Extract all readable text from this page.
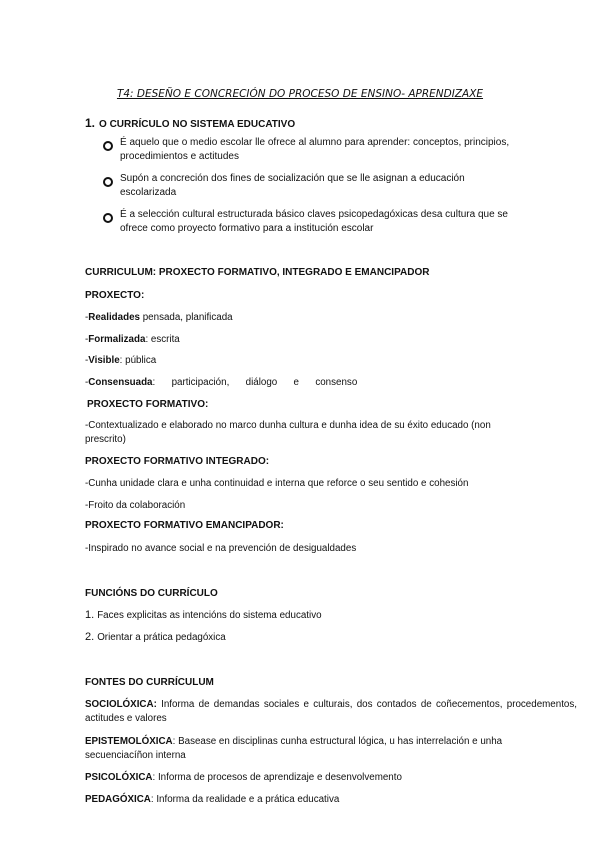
T4: DESEÑO E CONCRECIÓN DO PROCESO DE ENSINO- APRENDIZAXE
1. O CURRÍCULO NO SISTEMA EDUCATIVO
É aquelo que o medio escolar lle ofrece al alumno para aprender: conceptos, principios, procedimientos e actitudes
Supón a concreción dos fines de socialización que se lle asignan a educación escolarizada
É a selección cultural estructurada básico claves psicopedagóxicas desa cultura que se ofrece como proyecto formativo para a institución escolar
CURRICULUM: PROXECTO FORMATIVO, INTEGRADO E EMANCIPADOR
PROXECTO:
-Realidades pensada, planificada
-Formalizada: escrita
-Visible: pública
-Consensuada:      participación,      diálogo      e      consenso
PROXECTO FORMATIVO:
-Contextualizado e elaborado no marco dunha cultura e dunha idea de su éxito educado (non prescrito)
PROXECTO FORMATIVO INTEGRADO:
-Cunha unidade clara e unha continuidad e interna que reforce o seu sentido e cohesión
-Froito da colaboración
PROXECTO FORMATIVO EMANCIPADOR:
-Inspirado no avance social e na prevención de desigualdades
FUNCIÓNS DO CURRÍCULO
1. Faces explicitas as intencións do sistema educativo
2. Orientar a prática pedagóxica
FONTES DO CURRÍCULUM
SOCIOLÓXICA: Informa de demandas sociales e culturais, dos contados de coñecementos, procedementos, actitudes e valores
EPISTEMOLÓXICA: Basease en disciplinas cunha estructural lógica, u has interrelación e unha secuenciacíñon interna
PSICOLÓXICA: Informa de procesos de aprendizaje e desenvolvemento
PEDAGÓXICA: Informa da realidade e a prática educativa
